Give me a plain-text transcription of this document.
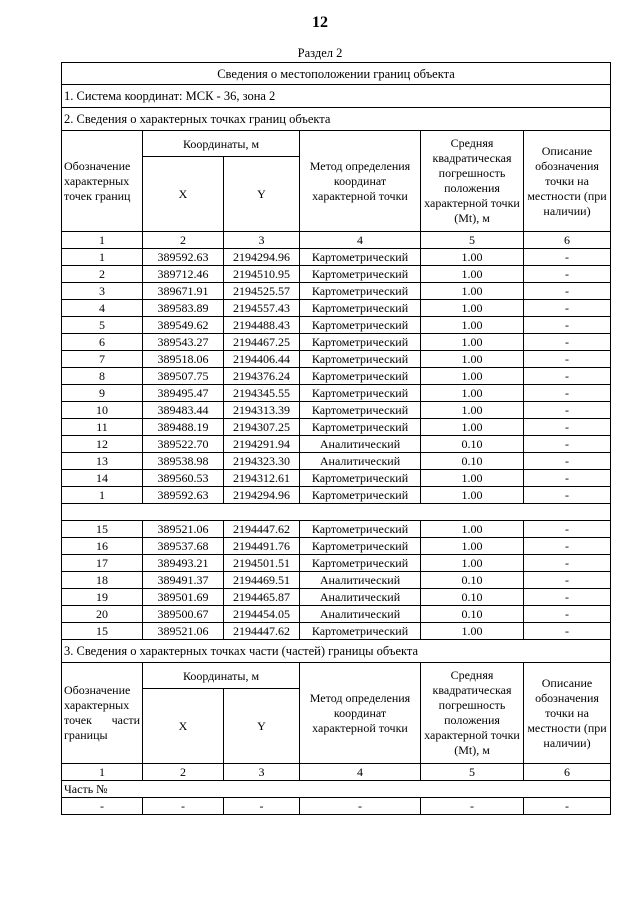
12
Раздел 2
Сведения о местоположении границ объекта					
1. Система координат: МСК - 36, зона 2					
2. Сведения о характерных точках границ объекта					
Обозначение характерных точек границ	Координаты, м		Метод определения координат характерной точки	Средняя квадратическая погрешность положения характерной точки (Mt), м	Описание обозначения точки на местности (при наличии)
	X	Y			
1	2	3	4	5	6
1	389592.63	2194294.96	Картометрический	1.00	-
2	389712.46	2194510.95	Картометрический	1.00	-
3	389671.91	2194525.57	Картометрический	1.00	-
4	389583.89	2194557.43	Картометрический	1.00	-
5	389549.62	2194488.43	Картометрический	1.00	-
6	389543.27	2194467.25	Картометрический	1.00	-
7	389518.06	2194406.44	Картометрический	1.00	-
8	389507.75	2194376.24	Картометрический	1.00	-
9	389495.47	2194345.55	Картометрический	1.00	-
10	389483.44	2194313.39	Картометрический	1.00	-
11	389488.19	2194307.25	Картометрический	1.00	-
12	389522.70	2194291.94	Аналитический	0.10	-
13	389538.98	2194323.30	Аналитический	0.10	-
14	389560.53	2194312.61	Картометрический	1.00	-
1	389592.63	2194294.96	Картометрический	1.00	-

15	389521.06	2194447.62	Картометрический	1.00	-
16	389537.68	2194491.76	Картометрический	1.00	-
17	389493.21	2194501.51	Картометрический	1.00	-
18	389491.37	2194469.51	Аналитический	0.10	-
19	389501.69	2194465.87	Аналитический	0.10	-
20	389500.67	2194454.05	Аналитический	0.10	-
15	389521.06	2194447.62	Картометрический	1.00	-
3. Сведения о характерных точках части (частей) границы объекта					
Обозначение характерных точек части границы	Координаты, м		Метод определения координат характерной точки	Средняя квадратическая погрешность положения характерной точки (Mt), м	Описание обозначения точки на местности (при наличии)
	X	Y			
1	2	3	4	5	6
Часть №					
-	-	-	-	-	-
